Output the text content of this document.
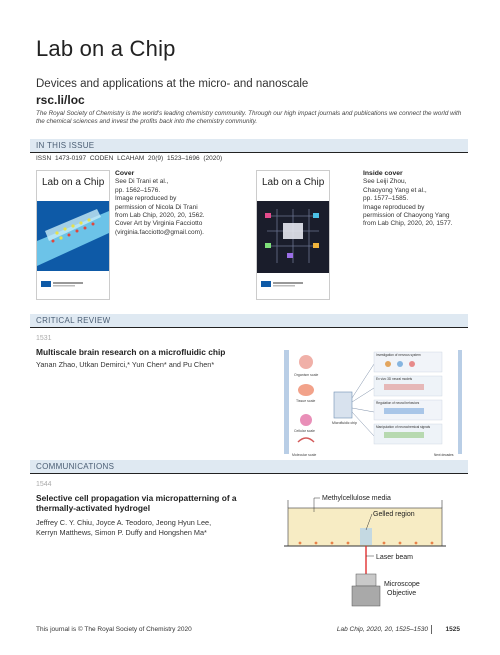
Lab on a Chip
Devices and applications at the micro- and nanoscale
rsc.li/loc
The Royal Society of Chemistry is the world's leading chemistry community. Through our high impact journals and publications we connect the world with the chemical sciences and invest the profits back into the chemistry community.
IN THIS ISSUE
ISSN 1473-0197 CODEN LCAHAM 20(9) 1523–1696 (2020)
Lab on a Chip
Cover
See Di Trani et al.,
pp. 1562–1576.
Image reproduced by
permission of Nicola Di Trani
from Lab Chip, 2020, 20, 1562.
Cover Art by Virginia Facciotto
(virginia.facciotto@gmail.com).
Lab on a Chip
Inside cover
See Leiji Zhou,
Chaoyong Yang et al.,
pp. 1577–1585.
Image reproduced by
permission of Chaoyong Yang
from Lab Chip, 2020, 20, 1577.
CRITICAL REVIEW
1531
Multiscale brain research on a microfluidic chip
Yanan Zhao, Utkan Demirci,* Yun Chen* and Pu Chen*
Organism scale
Tissue scale
Cellular scale
Molecular scale
Microfluidic chip
Investigation of nervous system
Ex vivo 3D neural models
Regulation of neural behaviors
Manipulation of neurochemical signals
Next decades
COMMUNICATIONS
1544
Selective cell propagation via micropatterning of a
thermally-activated hydrogel
Jeffrey C. Y. Chiu, Joyce A. Teodoro, Jeong Hyun Lee,
Kerryn Matthews, Simon P. Duffy and Hongshen Ma*
Methylcellulose media
Gelled region
Laser beam
Microscope
Objective
This journal is © The Royal Society of Chemistry 2020	Lab Chip, 2020, 20, 1525–1530	1525
